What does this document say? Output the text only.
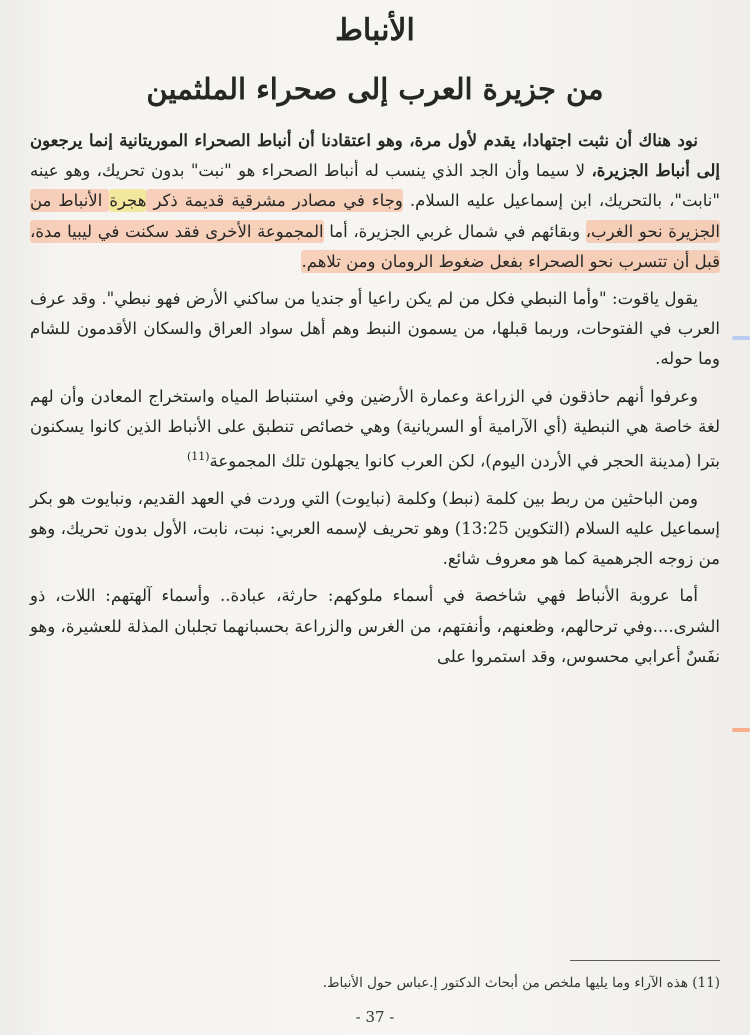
الأنباط
من جزيرة العرب إلى صحراء الملثمين

نود هناك أن نثبت اجتهادا، يقدم لأول مرة، وهو اعتقادنا أن أنباط الصحراء الموريتانية إنما يرجعون إلى أنباط الجزيرة، لا سيما وأن الجد الذي ينسب له أنباط الصحراء هو "نبت" بدون تحريك، وهو عينه "نابت"، بالتحريك، ابن إسماعيل عليه السلام. وجاء في مصادر مشرقية قديمة ذكر هجرة الأنباط من الجزيرة نحو الغرب، وبقائهم في شمال غربي الجزيرة، أما المجموعة الأخرى فقد سكنت في ليبيا مدة، قبل أن تتسرب نحو الصحراء بفعل ضغوط الرومان ومن تلاهم.

يقول ياقوت: "وأما النبطي فكل من لم يكن راعيا أو جنديا من ساكني الأرض فهو نبطي". وقد عرف العرب في الفتوحات، وربما قبلها، من يسمون النبط وهم أهل سواد العراق والسكان الأقدمون للشام وما حوله.

وعرفوا أنهم حاذقون في الزراعة وعمارة الأرضين وفي استنباط المياه واستخراج المعادن وأن لهم لغة خاصة هي النبطية (أي الآرامية أو السريانية) وهي خصائص تنطبق على الأنباط الذين كانوا يسكنون بترا (مدينة الحجر في الأردن اليوم)، لكن العرب كانوا يجهلون تلك المجموعة$^{(11)}$

ومن الباحثين من ربط بين كلمة (نبط) وكلمة (نبايوت) التي وردت في العهد القديم، ونبايوت هو بكر إسماعيل عليه السلام (التكوين 13:25) وهو تحريف لإسمه العربي: نبت، نابت، الأول بدون تحريك، وهو من زوجه الجرهمية كما هو معروف شائع.

أما عروبة الأنباط فهي شاخصة في أسماء ملوكهم: حارثة، عبادة.. وأسماء آلهتهم: اللات، ذو الشرى....وفي ترحالهم، وظعنهم، وأنفتهم، من الغرس والزراعة بحسبانهما تجلبان المذلة للعشيرة، وهو نفَسٌ أعرابي محسوس، وقد استمروا على

(11) هذه الآراء وما يليها ملخص من أبحاث الدكتور إ.عباس حول الأنباط.
- 37 -
